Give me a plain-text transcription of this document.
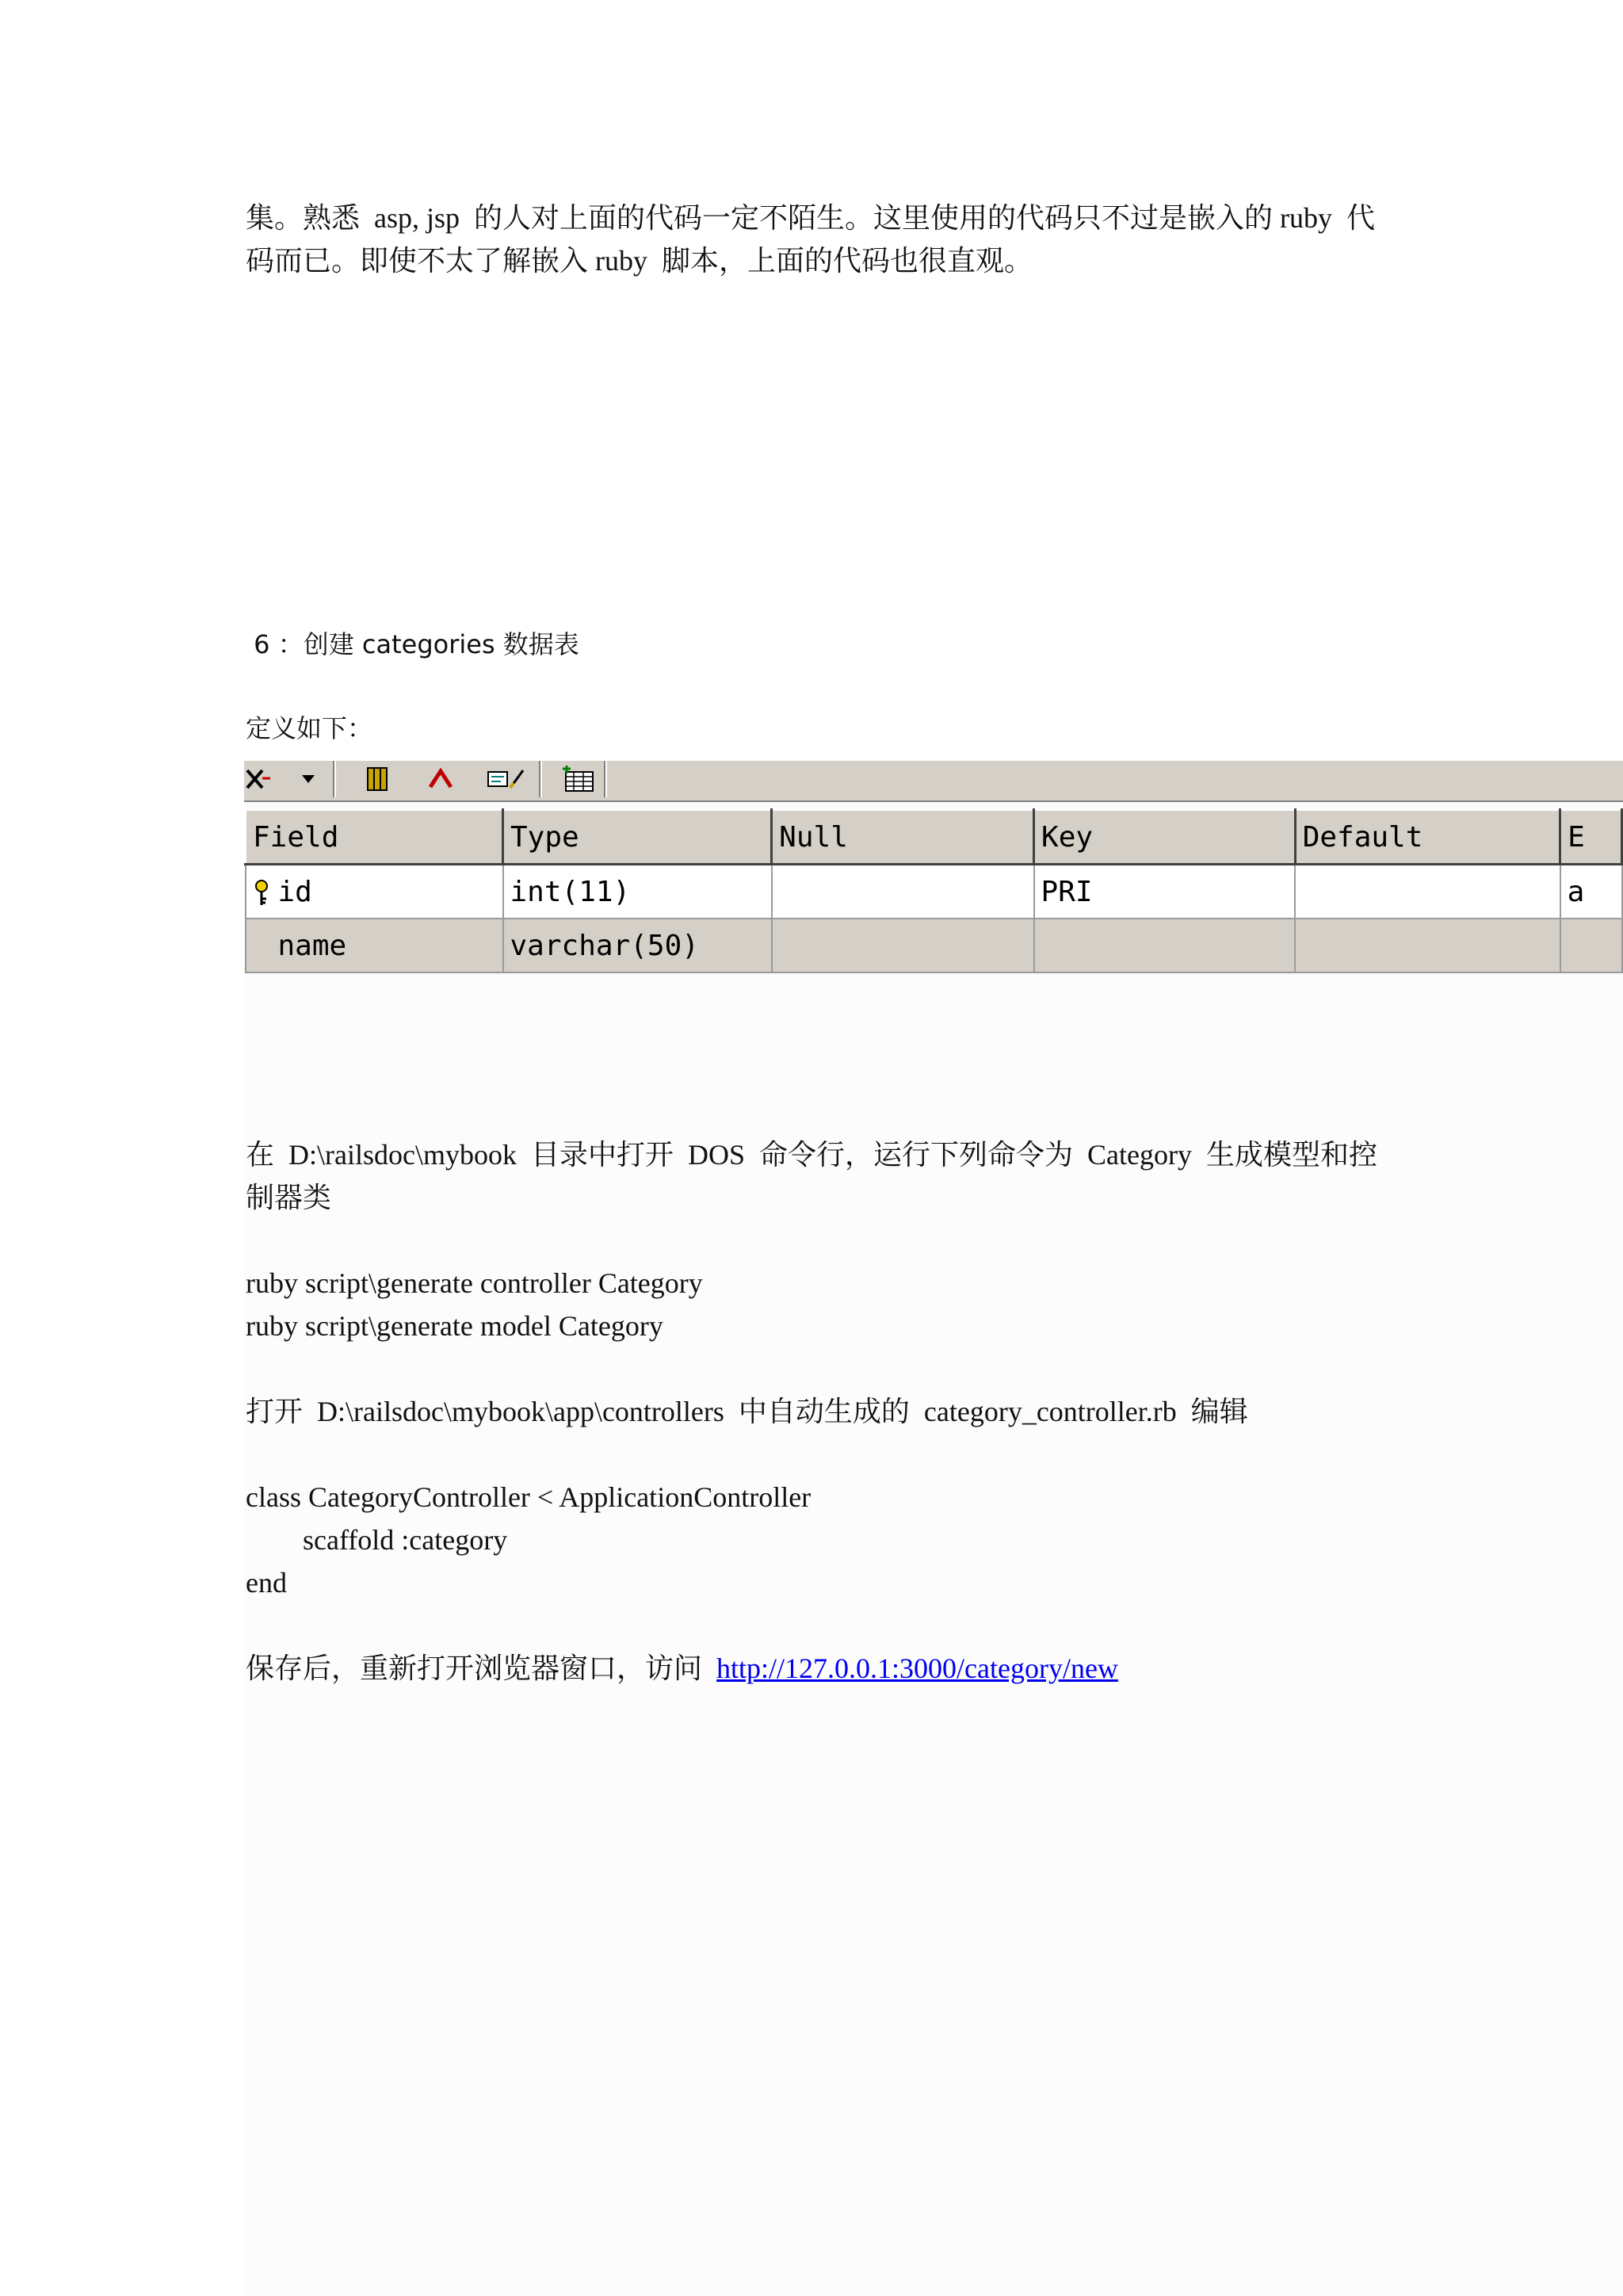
集。熟悉  asp, jsp  的人对上面的代码一定不陌生。这里使用的代码只不过是嵌入的 ruby  代
码而已。即使不太了解嵌入 ruby  脚本，上面的代码也很直观。
6 ：创建 categories 数据表
定义如下：
Field	Type	Null	Key	Default	E
id	int(11)		PRI		a
name	varchar(50)				
在  D:\railsdoc\mybook  目录中打开  DOS  命令行，运行下列命令为  Category  生成模型和控
制器类
ruby script\generate controller Category
ruby script\generate model Category
打开  D:\railsdoc\mybook\app\controllers  中自动生成的  category_controller.rb  编辑
class CategoryController < ApplicationController
scaffold :category
end
保存后，重新打开浏览器窗口，访问  http://127.0.0.1:3000/category/new
